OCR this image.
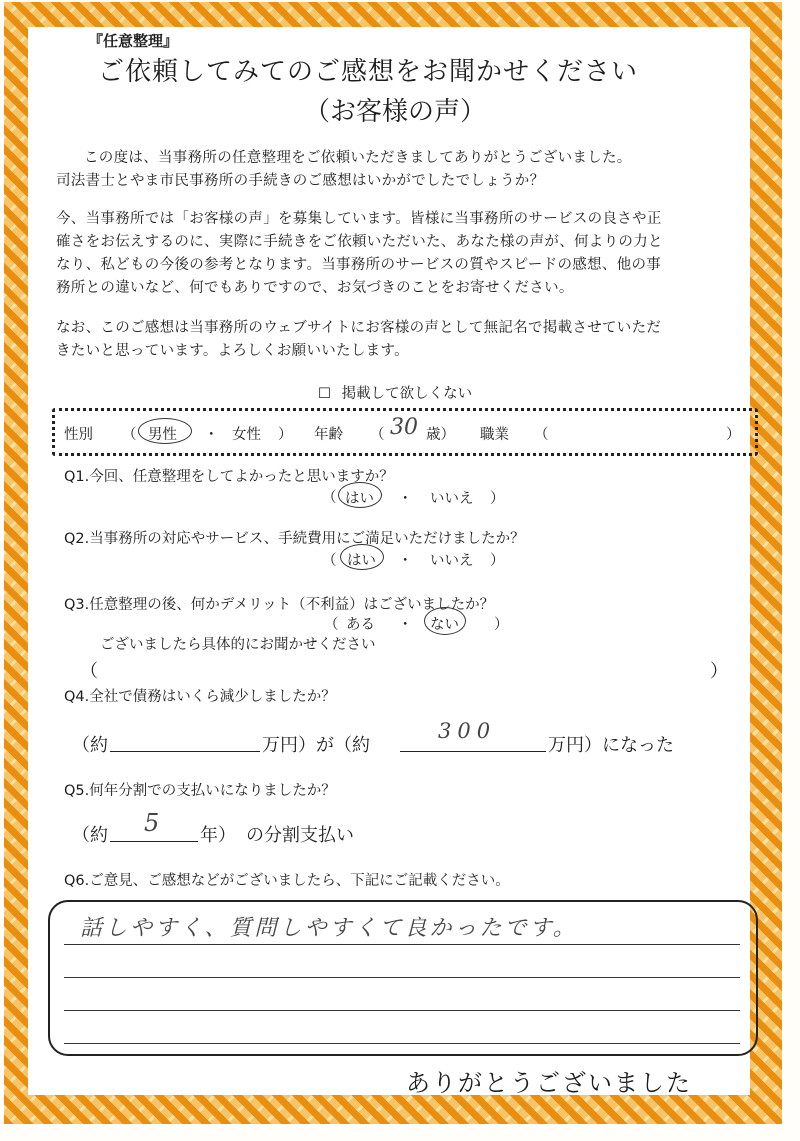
『任意整理』
ご依頼してみてのご感想をお聞かせください
（お客様の声）
この度は、当事務所の任意整理をご依頼いただきましてありがとうございました。
司法書士とやま市民事務所の手続きのご感想はいかがでしたでしょうか？
今、当事務所では「お客様の声」を募集しています。皆様に当事務所のサービスの良さや正
確さをお伝えするのに、実際に手続きをご依頼いただいた、あなた様の声が、何よりの力と
なり、私どもの今後の参考となります。当事務所のサービスの質やスピードの感想、他の事
務所との違いなど、何でもありですので、お気づきのことをお寄せください。
なお、このご感想は当事務所のウェブサイトにお客様の声として無記名で掲載させていただ
きたいと思っています。よろしくお願いいたします。
☐ 掲載して欲しくない
性別 （ 男性 ・ 女性 ） 年齢 （ 30 歳） 職業 （	）
Q1.今回、任意整理をしてよかったと思いますか？
（ はい ・ いいえ ）
Q2.当事務所の対応やサービス、手続費用にご満足いただけましたか？
（ はい ・ いいえ ）
Q3.任意整理の後、何かデメリット（不利益）はございましたか？
（ ある ・ ない ）
ございましたら具体的にお聞かせください
（	）
Q4.全社で債務はいくら減少しましたか？
（約	万円）が（約
300
万円）になった
Q5.何年分割での支払いになりましたか？
（約 5 年） の分割支払い
Q6.ご意見、ご感想などがございましたら、下記にご記載ください。
話しやすく、質問しやすくて良かったです。
ありがとうございました
